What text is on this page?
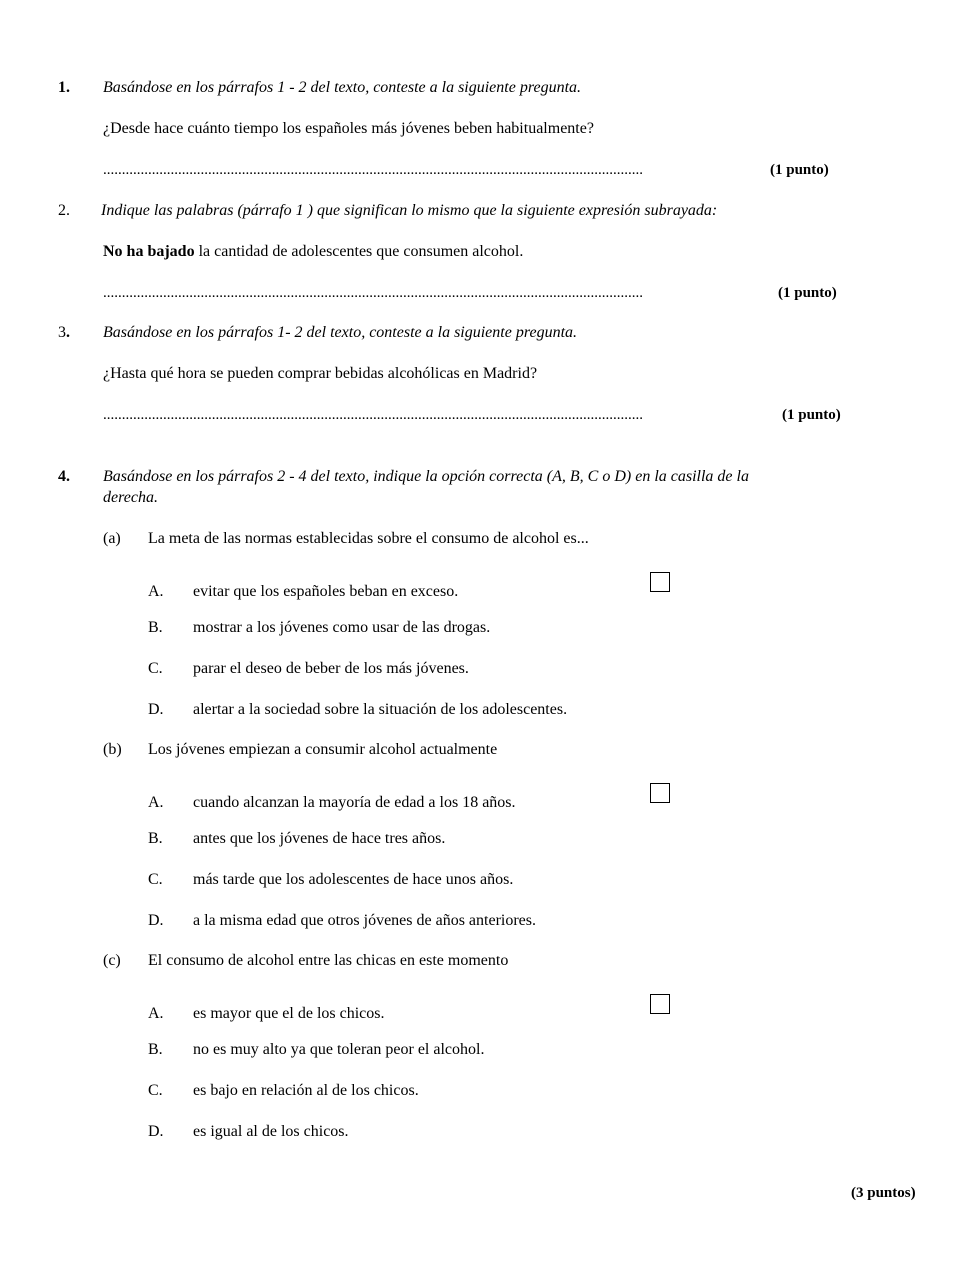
1. Basándose en los párrafos 1 - 2 del texto, conteste a la siguiente pregunta.
¿Desde hace cuánto tiempo los españoles más jóvenes beben habitualmente?
................................................................................................................................................	(1 punto)
2. Indique las palabras (párrafo 1 ) que significan lo mismo que la siguiente expresión subrayada:
No ha bajado la cantidad de adolescentes que consumen alcohol.
................................................................................................................................................	(1 punto)
3. Basándose en los párrafos 1- 2 del texto, conteste a la siguiente pregunta.
¿Hasta qué hora se pueden comprar bebidas alcohólicas en Madrid?
................................................................................................................................................	(1 punto)
4. Basándose en los párrafos 2 - 4 del texto, indique la opción correcta (A, B, C o D) en la casilla de la
derecha.
(a) La meta de las normas establecidas sobre el consumo de alcohol es...
A. evitar que los españoles beban en exceso.
B. mostrar a los jóvenes como usar de las drogas.
C. parar el deseo de beber de los más jóvenes.
D. alertar a la sociedad sobre la situación de los adolescentes.
(b) Los jóvenes empiezan a consumir alcohol actualmente
A. cuando alcanzan la mayoría de edad a los 18 años.
B. antes que los jóvenes de hace tres años.
C. más tarde que los adolescentes de hace unos años.
D. a la misma edad que otros jóvenes de años anteriores.
(c) El consumo de alcohol entre las chicas en este momento
A. es mayor que el de los chicos.
B. no es muy alto ya que toleran peor el alcohol.
C. es bajo en relación al de los chicos.
D. es igual al de los chicos.
(3 puntos)
